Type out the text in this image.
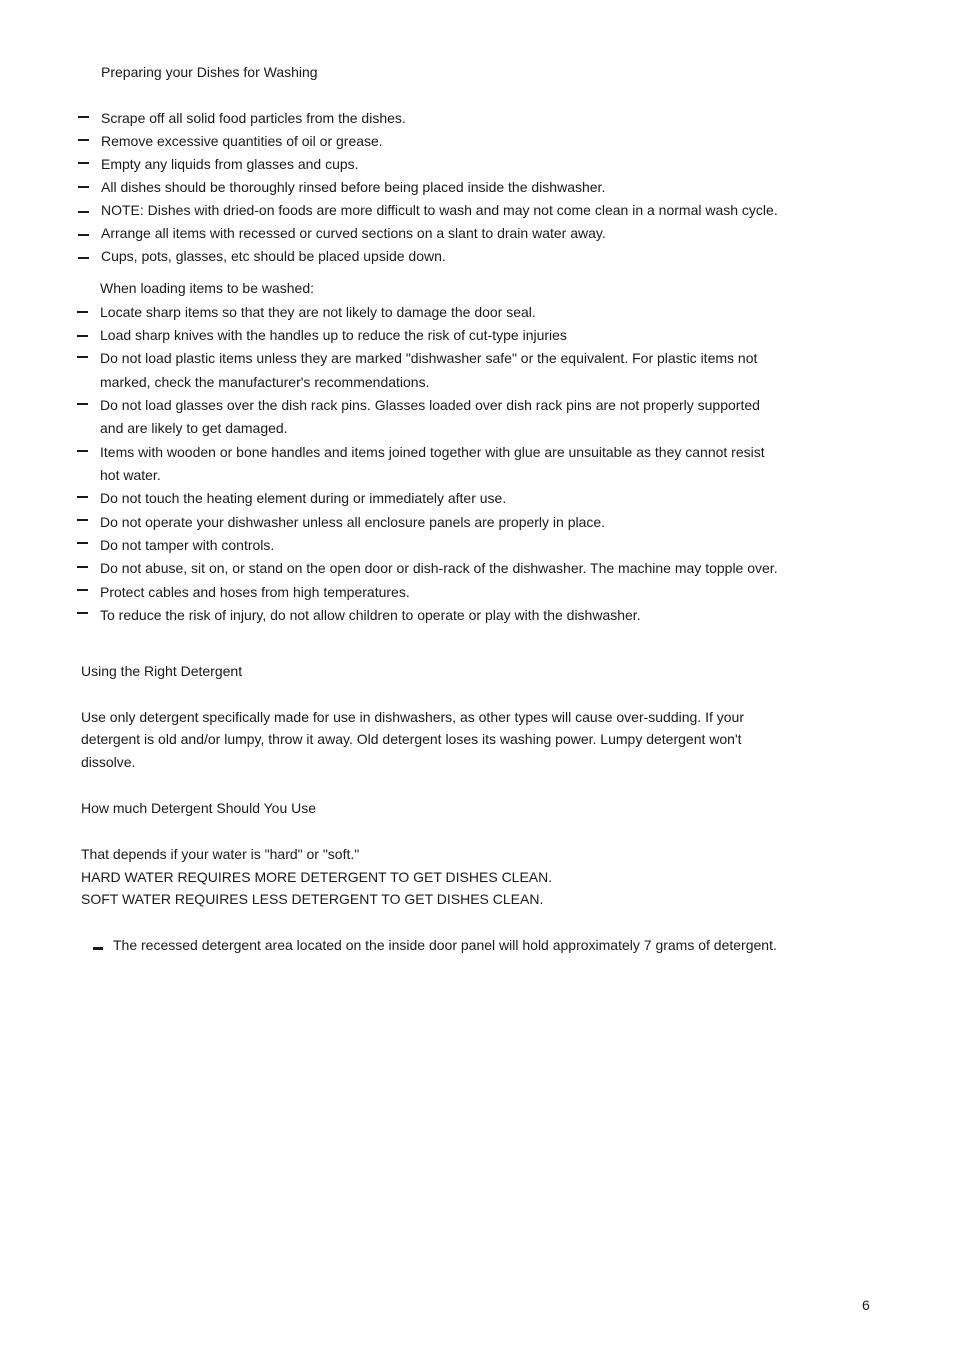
Preparing your Dishes for Washing
Scrape off all solid food particles from the dishes.
Remove excessive quantities of oil or grease.
Empty any liquids from glasses and cups.
All dishes should be thoroughly rinsed before being placed inside the dishwasher.
NOTE: Dishes with dried-on foods are more difficult to wash and may not come clean in a normal wash cycle.
Arrange all items with recessed or curved sections on a slant to drain water away.
Cups, pots, glasses, etc should be placed upside down.
When loading items to be washed:
Locate sharp items so that they are not likely to damage the door seal.
Load sharp knives with the handles up to reduce the risk of cut-type injuries
Do not load plastic items unless they are marked "dishwasher safe" or the equivalent. For plastic items not
marked, check the manufacturer's recommendations.
Do not load glasses over the dish rack pins. Glasses loaded over dish rack pins are not properly supported
and are likely to get damaged.
Items with wooden or bone handles and items joined together with glue are unsuitable as they cannot resist
hot water.
Do not touch the heating element during or immediately after use.
Do not operate your dishwasher unless all enclosure panels are properly in place.
Do not tamper with controls.
Do not abuse, sit on, or stand on the open door or dish-rack of the dishwasher. The machine may topple over.
Protect cables and hoses from high temperatures.
To reduce the risk of injury, do not allow children to operate or play with the dishwasher.
Using the Right Detergent
Use only detergent specifically made for use in dishwashers, as other types will cause over-sudding. If your
detergent is old and/or lumpy, throw it away. Old detergent loses its washing power. Lumpy detergent won't
dissolve.
How much Detergent Should You Use
That depends if your water is "hard" or "soft."
HARD WATER REQUIRES MORE DETERGENT TO GET DISHES CLEAN.
SOFT WATER REQUIRES LESS DETERGENT TO GET DISHES CLEAN.
The recessed detergent area located on the inside door panel will hold approximately 7 grams of detergent.
6
